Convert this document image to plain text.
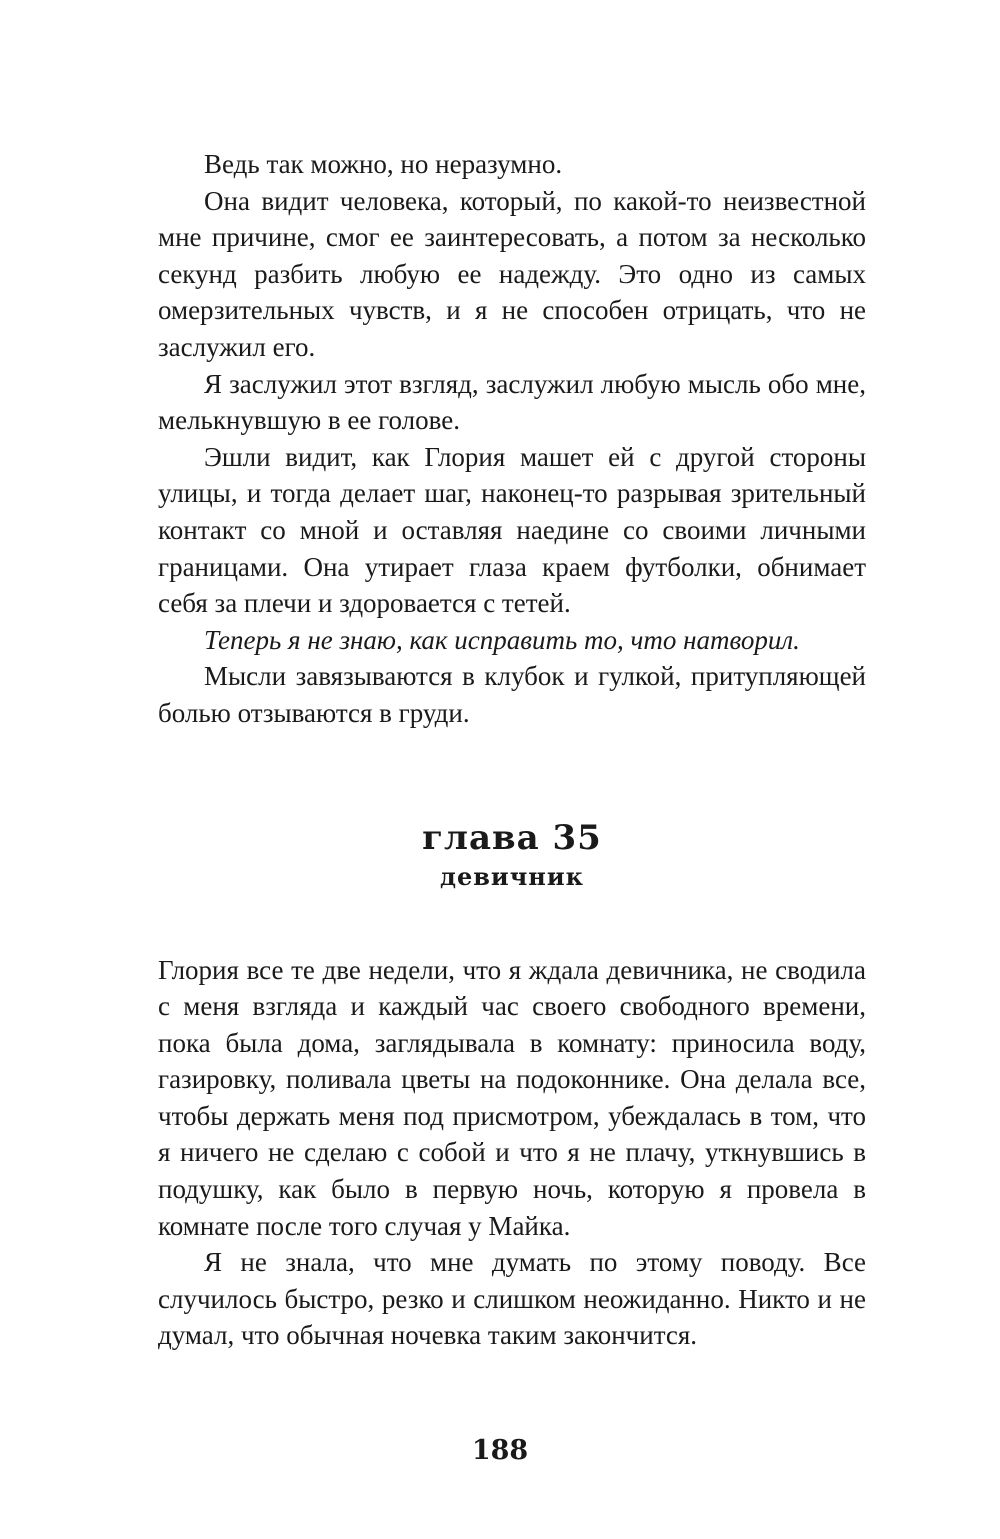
Ведь так можно, но неразумно.

Она видит человека, который, по какой-то неизвестной мне причине, смог ее заинтересовать, а потом за несколько секунд разбить любую ее надежду. Это одно из самых омерзительных чувств, и я не способен отрицать, что не заслужил его.

Я заслужил этот взгляд, заслужил любую мысль обо мне, мелькнувшую в ее голове.

Эшли видит, как Глория машет ей с другой стороны улицы, и тогда делает шаг, наконец-то разрывая зрительный контакт со мной и оставляя наедине со своими личными границами. Она утирает глаза краем футболки, обнимает себя за плечи и здоровается с тетей.

Теперь я не знаю, как исправить то, что натворил.

Мысли завязываются в клубок и гулкой, притупляющей болью отзываются в груди.

глава 35
девичник

Глория все те две недели, что я ждала девичника, не сводила с меня взгляда и каждый час своего свободного времени, пока была дома, заглядывала в комнату: приносила воду, газировку, поливала цветы на подоконнике. Она делала все, чтобы держать меня под присмотром, убеждалась в том, что я ничего не сделаю с собой и что я не плачу, уткнувшись в подушку, как было в первую ночь, которую я провела в комнате после того случая у Майка.

Я не знала, что мне думать по этому поводу. Все случилось быстро, резко и слишком неожиданно. Никто и не думал, что обычная ночевка таким закончится.

188
